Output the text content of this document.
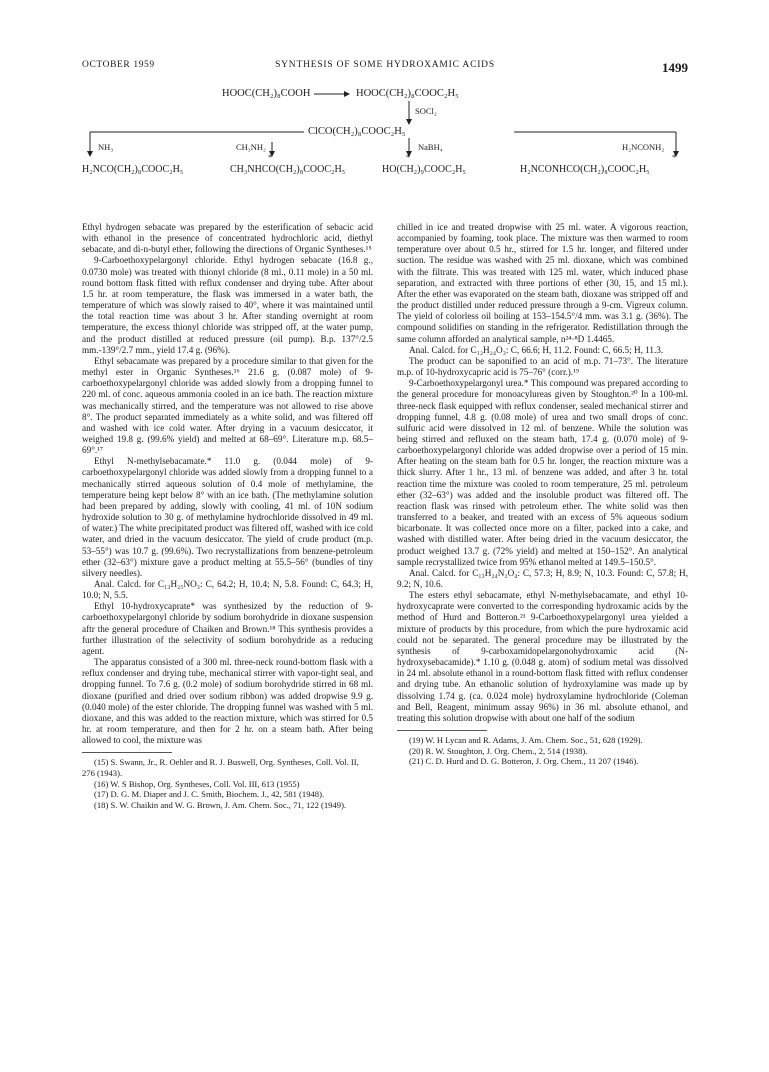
OCTOBER 1959	SYNTHESIS OF SOME HYDROXAMIC ACIDS	1499
HOOC(CH₂)₈COOH	HOOC(CH₂)₈COOC₂H₅
SOCl₂
ClCO(CH₂)₈COOC₂H₅
NH₃	CH₃NH₂	NaBH₄	H₂NCONH₂
*	*	*
H₂NCO(CH₂)₈COOC₂H₅	CH₃NHCO(CH₂)₈COOC₂H₅	HO(CH₂)₉COOC₂H₅	H₂NCONHCO(CH₂)₈COOC₂H₅

Ethyl hydrogen sebacate was prepared by the esterification of sebacic acid with ethanol in the presence of concentrated hydrochloric acid, diethyl sebacate, and di-n-butyl ether, following the directions of Organic Syntheses.¹⁵

9-Carboethoxypelargonyl chloride. Ethyl hydrogen sebacate (16.8 g., 0.0730 mole) was treated with thionyl chloride (8 ml., 0.11 mole) in a 50 ml. round bottom flask fitted with reflux condenser and drying tube. After about 1.5 hr. at room temperature, the flask was immersed in a water bath, the temperature of which was slowly raised to 40°, where it was maintained until the total reaction time was about 3 hr. After standing overnight at room temperature, the excess thionyl chloride was stripped off, at the water pump, and the product distilled at reduced pressure (oil pump). B.p. 137°/2.5 mm.-139°/2.7 mm., yield 17.4 g. (96%).

Ethyl sebacamate was prepared by a procedure similar to that given for the methyl ester in Organic Syntheses.¹⁶ 21.6 g. (0.087 mole) of 9-carboethoxypelargonyl chloride was added slowly from a dropping funnel to 220 ml. of conc. aqueous ammonia cooled in an ice bath. The reaction mixture was mechanically stirred, and the temperature was not allowed to rise above 8°. The product separated immediately as a white solid, and was filtered off and washed with ice cold water. After drying in a vacuum desiccator, it weighed 19.8 g. (99.6% yield) and melted at 68–69°. Literature m.p. 68.5–69°.¹⁷

Ethyl N-methylsebacamate.* 11.0 g. (0.044 mole) of 9-carboethoxypelargonyl chloride was added slowly from a dropping funnel to a mechanically stirred aqueous solution of 0.4 mole of methylamine, the temperature being kept below 8° with an ice bath. (The methylamine solution had been prepared by adding, slowly with cooling, 41 ml. of 10N sodium hydroxide solution to 30 g. of methylamine hydrochloride dissolved in 49 ml. of water.) The white precipitated product was filtered off, washed with ice cold water, and dried in the vacuum desiccator. The yield of crude product (m.p. 53–55°) was 10.7 g. (99.6%). Two recrystallizations from benzene-petroleum ether (32–63°) mixture gave a product melting at 55.5–56° (bundles of tiny silvery needles).

Anal. Calcd. for C₁₃H₂₅NO₃: C, 64.2; H, 10.4; N, 5.8. Found: C, 64.3; H, 10.0; N, 5.5.

Ethyl 10-hydroxycaprate* was synthesized by the reduction of 9-carboethoxypelargonyl chloride by sodium borohydride in dioxane suspension aftr the general procedure of Chaiken and Brown.¹⁸ This synthesis provides a further illustration of the selectivity of sodium borohydride as a reducing agent.

The apparatus consisted of a 300 ml. three-neck round-bottom flask with a reflux condenser and drying tube, mechanical stirrer with vapor-tight seal, and dropping funnel. To 7.6 g. (0.2 mole) of sodium borohydride stirred in 68 ml. dioxane (purified and dried over sodium ribbon) was added dropwise 9.9 g. (0.040 mole) of the ester chloride. The dropping funnel was washed with 5 ml. dioxane, and this was added to the reaction mixture, which was stirred for 0.5 hr. at room temperature, and then for 2 hr. on a steam bath. After being allowed to cool, the mixture was

(15) S. Swann, Jr., R. Oehler and R. J. Buswell, Org. Syntheses, Coll. Vol. II, 276 (1943).

(16) W. S Bishop, Org. Syntheses, Coll. Vol. III, 613 (1955)

(17) D. G. M. Diaper and J. C. Smith, Biochem. J., 42, 581 (1948).

(18) S. W. Chaikin and W. G. Brown, J. Am. Chem. Soc., 71, 122 (1949).

chilled in ice and treated dropwise with 25 ml. water. A vigorous reaction, accompanied by foaming, took place. The mixture was then warmed to room temperature over about 0.5 hr., stirred for 1.5 hr. longer, and filtered under suction. The residue was washed with 25 ml. dioxane, which was combined with the filtrate. This was treated with 125 ml. water, which induced phase separation, and extracted with three portions of ether (30, 15, and 15 ml.). After the ether was evaporated on the steam bath, dioxane was stripped off and the product distilled under reduced pressure through a 9-cm. Vigreux column. The yield of colorless oil boiling at 153–154.5°/4 mm. was 3.1 g. (36%). The compound solidifies on standing in the refrigerator. Redistillation through the same column afforded an analytical sample, n²⁴·⁸D 1.4465.

Anal. Calcd. for C₁₂H₂₄O₃: C, 66.6; H, 11.2. Found: C, 66.5; H, 11.3.

The product can be saponified to an acid of m.p. 71–73°. The literature m.p. of 10-hydroxycapric acid is 75–76° (corr.).¹⁹

9-Carboethoxypelargonyl urea.* This compound was prepared according to the general procedure for monoacylureas given by Stoughton.²⁰ In a 100-ml. three-neck flask equipped with reflux condenser, sealed mechanical stirrer and dropping funnel, 4.8 g. (0.08 mole) of urea and two small drops of conc. sulfuric acid were dissolved in 12 ml. of benzene. While the solution was being stirred and refluxed on the steam bath, 17.4 g. (0.070 mole) of 9-carboethoxypelargonyl chloride was added dropwise over a period of 15 min. After heating on the steam bath for 0.5 hr. longer, the reaction mixture was a thick slurry. After 1 hr., 13 ml. of benzene was added, and after 3 hr. total reaction time the mixture was cooled to room temperature, 25 ml. petroleum ether (32–63°) was added and the insoluble product was filtered off. The reaction flask was rinsed with petroleum ether. The white solid was then transferred to a beaker, and treated with an excess of 5% aqueous sodium bicarbonate. It was collected once more on a filter, packed into a cake, and washed with distilled water. After being dried in the vacuum desiccator, the product weighed 13.7 g. (72% yield) and melted at 150–152°. An analytical sample recrystallized twice from 95% ethanol melted at 149.5–150.5°.

Anal. Calcd. for C₁₃H₂₄N₂O₄: C, 57.3; H, 8.9; N, 10.3. Found: C, 57.8; H, 9.2; N, 10.6.

The esters ethyl sebacamate, ethyl N-methylsebacamate, and ethyl 10-hydroxycaprate were converted to the corresponding hydroxamic acids by the method of Hurd and Botteron.²¹ 9-Carboethoxypelargonyl urea yielded a mixture of products by this procedure, from which the pure hydroxamic acid could not be separated. The general procedure may be illustrated by the synthesis of 9-carboxamidopelargonohydroxamic acid (N-hydroxysebacamide).* 1.10 g. (0.048 g. atom) of sodium metal was dissolved in 24 ml. absolute ethanol in a round-bottom flask fitted with reflux condenser and drying tube. An ethanolic solution of hydroxylamine was made up by dissolving 1.74 g. (ca. 0.024 mole) hydroxylamine hydrochloride (Coleman and Bell, Reagent, minimum assay 96%) in 36 ml. absolute ethanol, and treating this solution dropwise with about one half of the sodium

(19) W. H Lycan and R. Adams, J. Am. Chem. Soc., 51, 628 (1929).

(20) R. W. Stoughton, J. Org. Chem., 2, 514 (1938).

(21) C. D. Hurd and D. G. Botteron, J. Org. Chem., 11 207 (1946).
